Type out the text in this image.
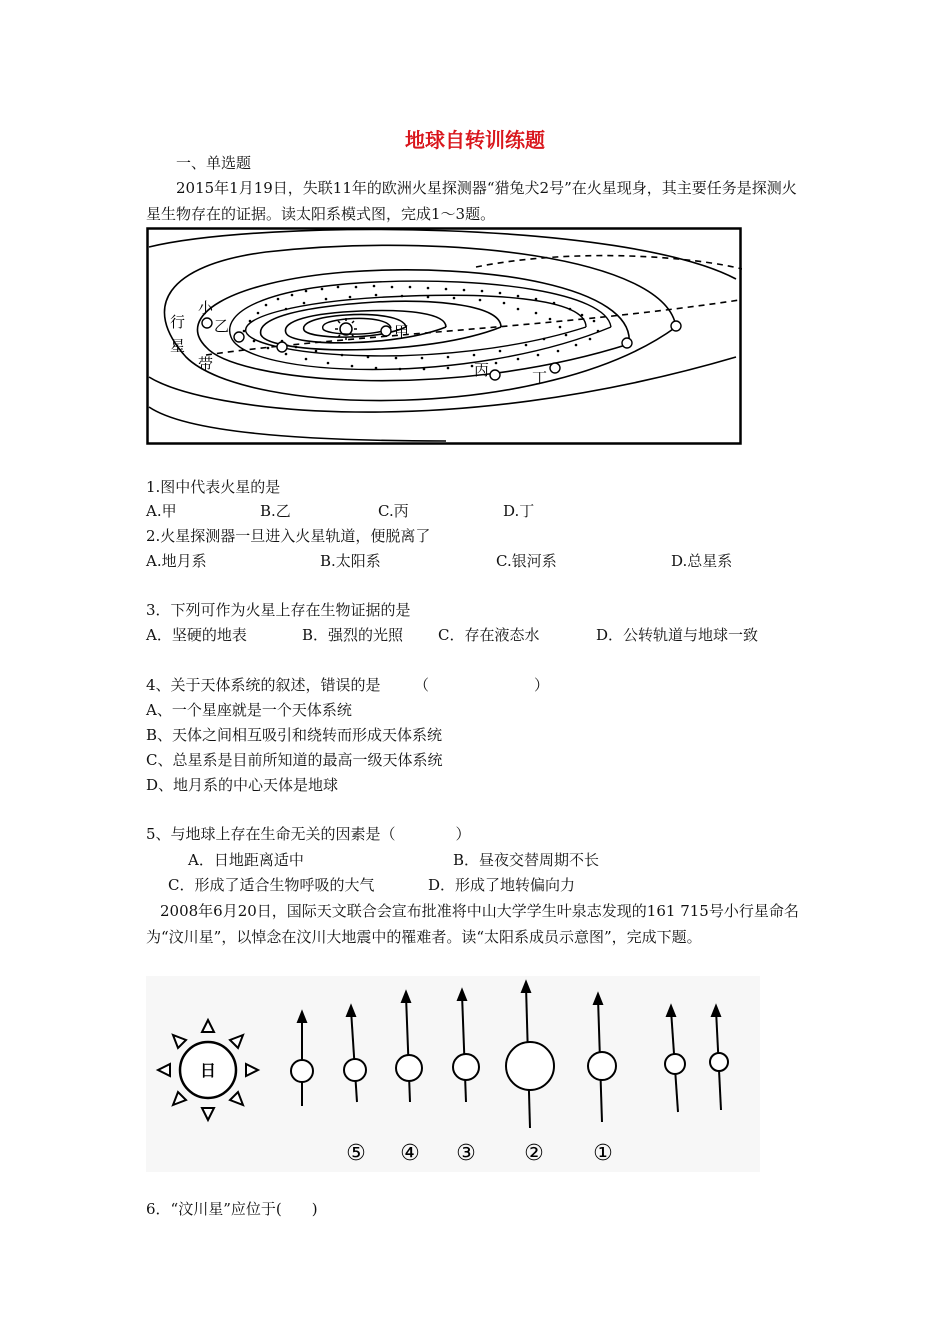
地球自转训练题
一、单选题
2015年1月19日，失联11年的欧洲火星探测器“猎兔犬2号”在火星现身，其主要任务是探测火星生物存在的证据。读太阳系模式图，完成1～3题。
小
行
星
带
甲
乙
丙	丁
1.图中代表火星的是
A.甲	B.乙	C.丙	D.丁
2.火星探测器一旦进入火星轨道，便脱离了
A.地月系	B.太阳系	C.银河系	D.总星系
3．下列可作为火星上存在生物证据的是
A．坚硬的地表	B．强烈的光照 C．存在液态水	D．公转轨道与地球一致
4、关于天体系统的叙述，错误的是 （　　　　　　　）
A、一个星座就是一个天体系统
B、天体之间相互吸引和绕转而形成天体系统
C、总星系是目前所知道的最高一级天体系统
D、地月系的中心天体是地球
5、与地球上存在生命无关的因素是（　　　　）
A．日地距离适中	B．昼夜交替周期不长
C．形成了适合生物呼吸的大气	D．形成了地转偏向力
2008年6月20日，国际天文联合会宣布批准将中山大学学生叶泉志发现的161 715号小行星命名为“汶川星”，以悼念在汶川大地震中的罹难者。读“太阳系成员示意图”，完成下题。
日
⑤ ④ ③ ② ①
6．“汶川星”应位于(　　)
